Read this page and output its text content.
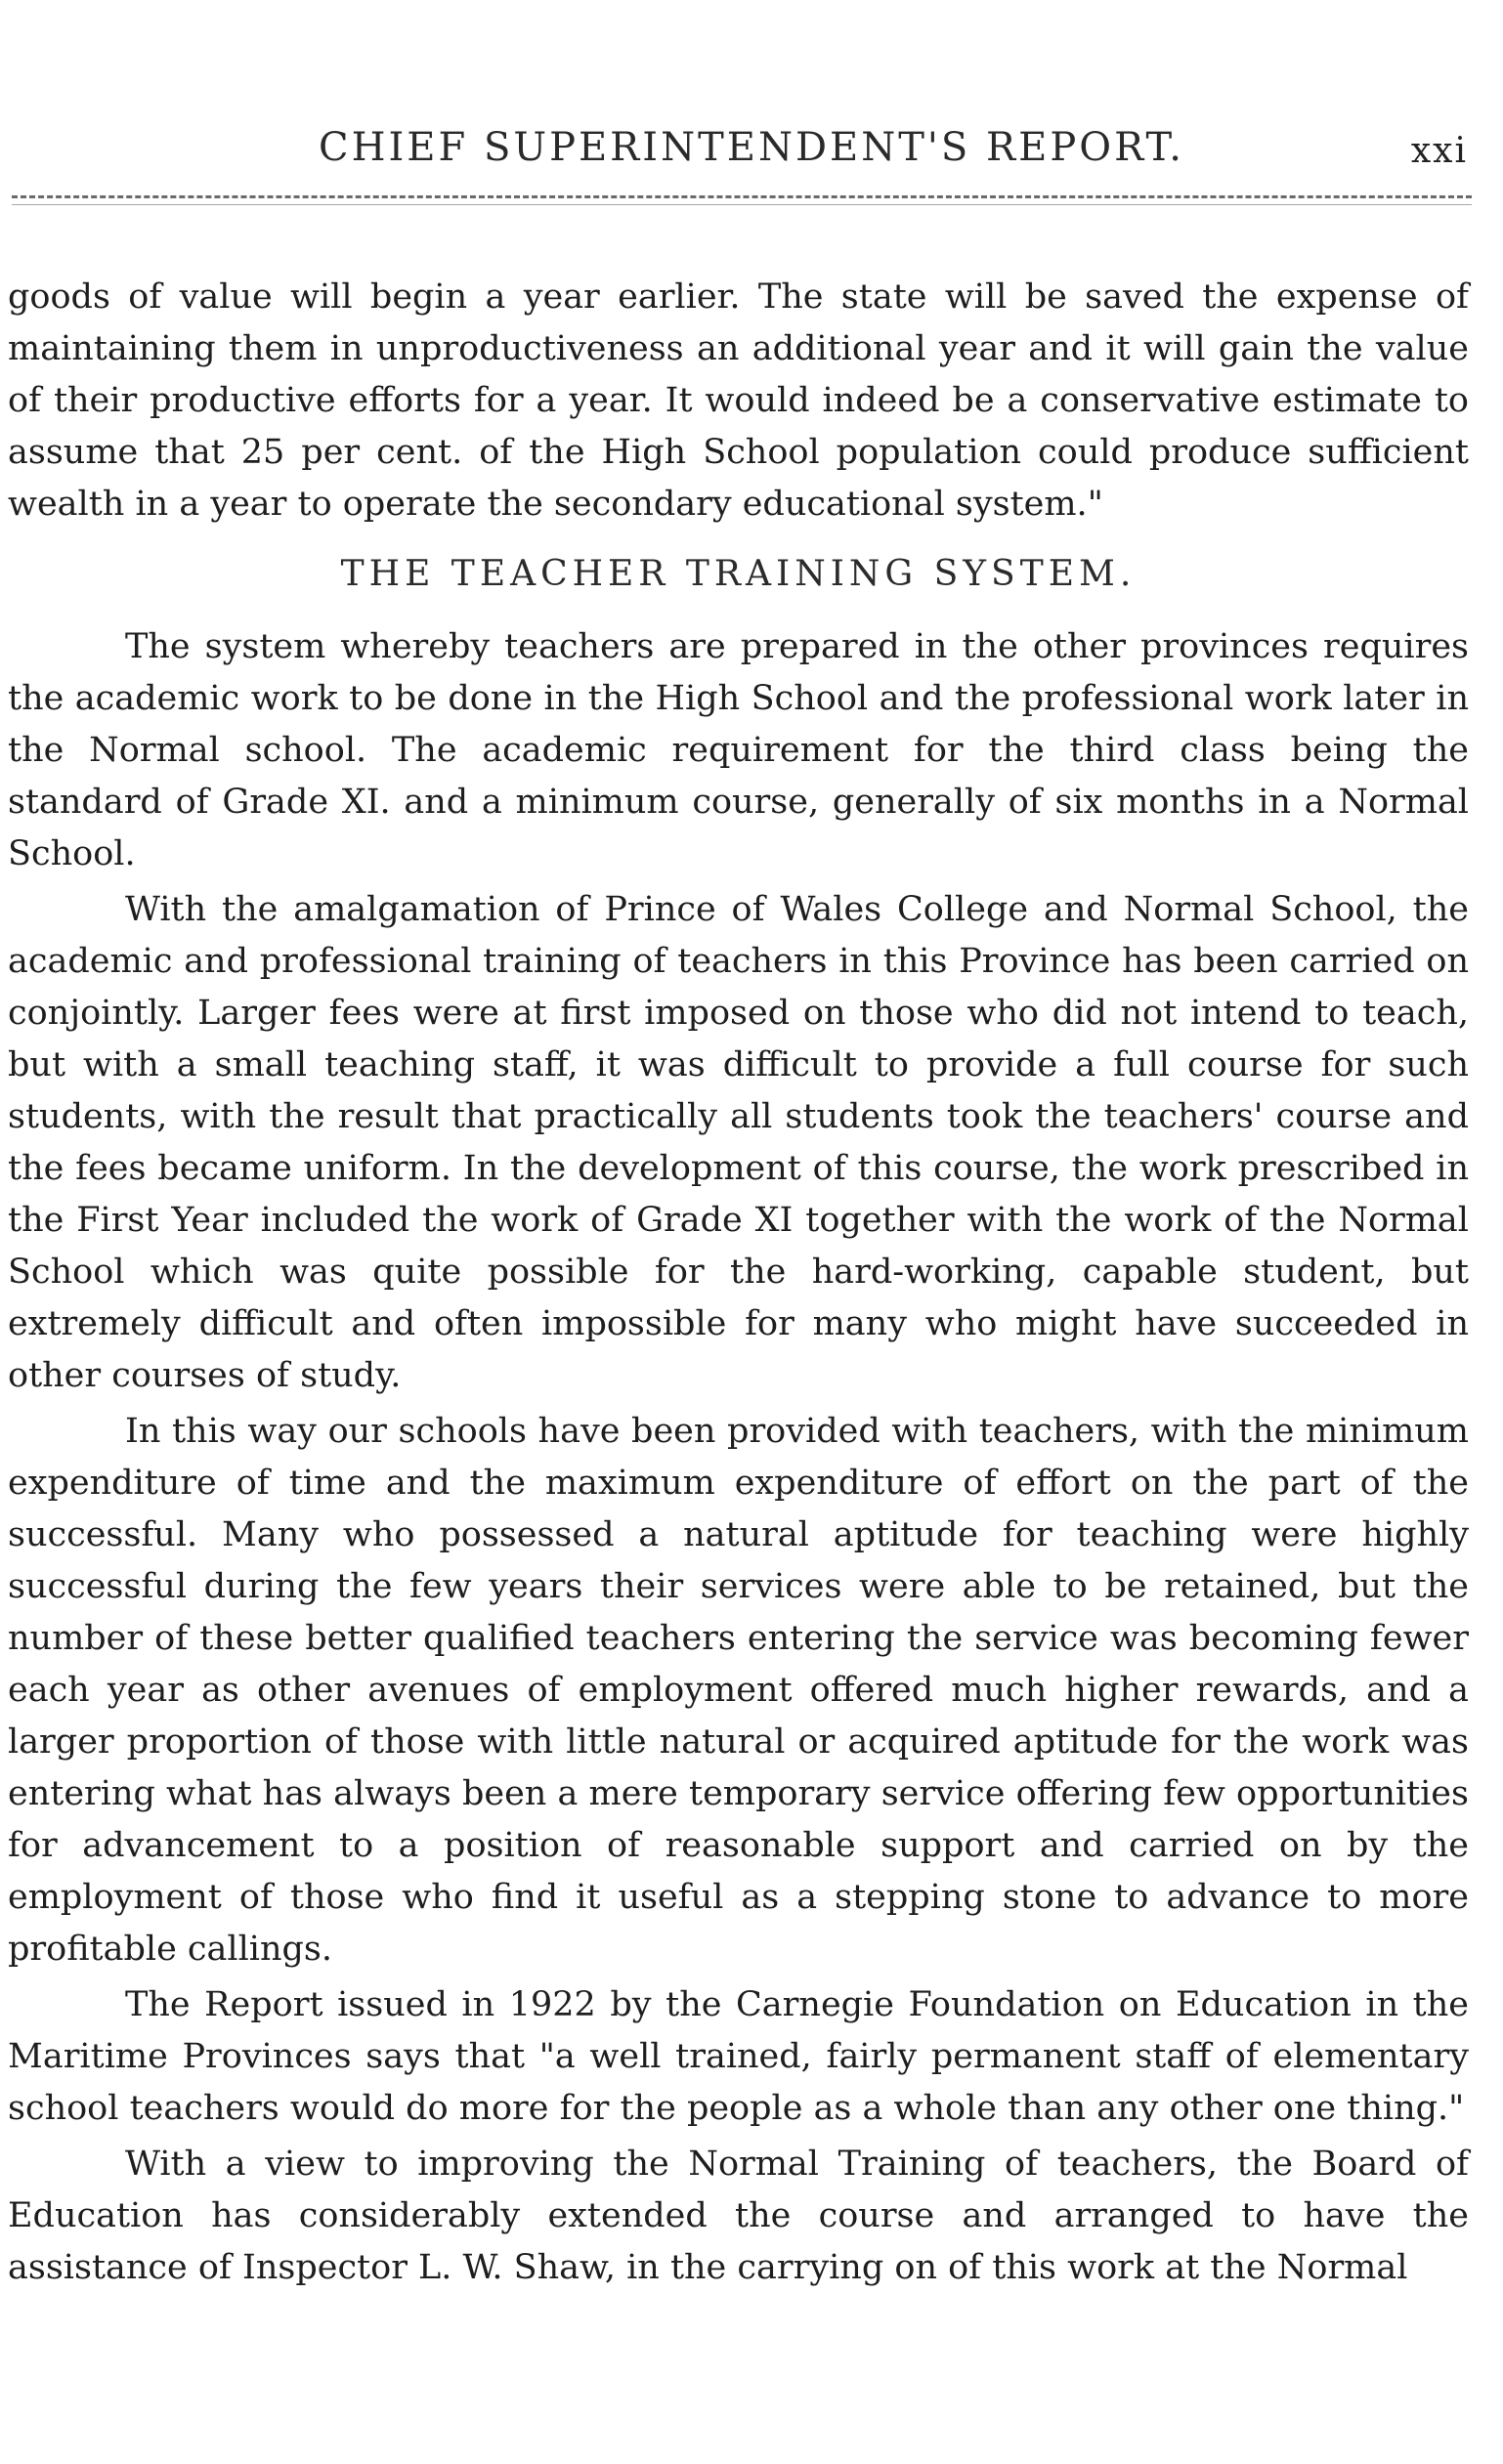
CHIEF SUPERINTENDENT'S REPORT.	xxi

goods of value will begin a year earlier. The state will be saved the expense of maintaining them in unproductiveness an additional year and it will gain the value of their productive efforts for a year. It would indeed be a conservative estimate to assume that 25 per cent. of the High School population could produce sufficient wealth in a year to operate the secondary educational system."

THE TEACHER TRAINING SYSTEM.

The system whereby teachers are prepared in the other provinces requires the academic work to be done in the High School and the professional work later in the Normal school. The academic requirement for the third class being the standard of Grade XI. and a minimum course, generally of six months in a Normal School.

With the amalgamation of Prince of Wales College and Normal School, the academic and professional training of teachers in this Province has been carried on conjointly. Larger fees were at first imposed on those who did not intend to teach, but with a small teaching staff, it was difficult to provide a full course for such students, with the result that practically all students took the teachers' course and the fees became uniform. In the development of this course, the work prescribed in the First Year included the work of Grade XI together with the work of the Normal School which was quite possible for the hard-working, capable student, but extremely difficult and often impossible for many who might have succeeded in other courses of study.

In this way our schools have been provided with teachers, with the minimum expenditure of time and the maximum expenditure of effort on the part of the successful. Many who possessed a natural aptitude for teaching were highly successful during the few years their services were able to be retained, but the number of these better qualified teachers entering the service was becoming fewer each year as other avenues of employment offered much higher rewards, and a larger proportion of those with little natural or acquired aptitude for the work was entering what has always been a mere temporary service offering few opportunities for advancement to a position of reasonable support and carried on by the employment of those who find it useful as a stepping stone to advance to more profitable callings.

The Report issued in 1922 by the Carnegie Foundation on Education in the Maritime Provinces says that "a well trained, fairly permanent staff of elementary school teachers would do more for the people as a whole than any other one thing."

With a view to improving the Normal Training of teachers, the Board of Education has considerably extended the course and arranged to have the assistance of Inspector L. W. Shaw, in the carrying on of this work at the Normal
